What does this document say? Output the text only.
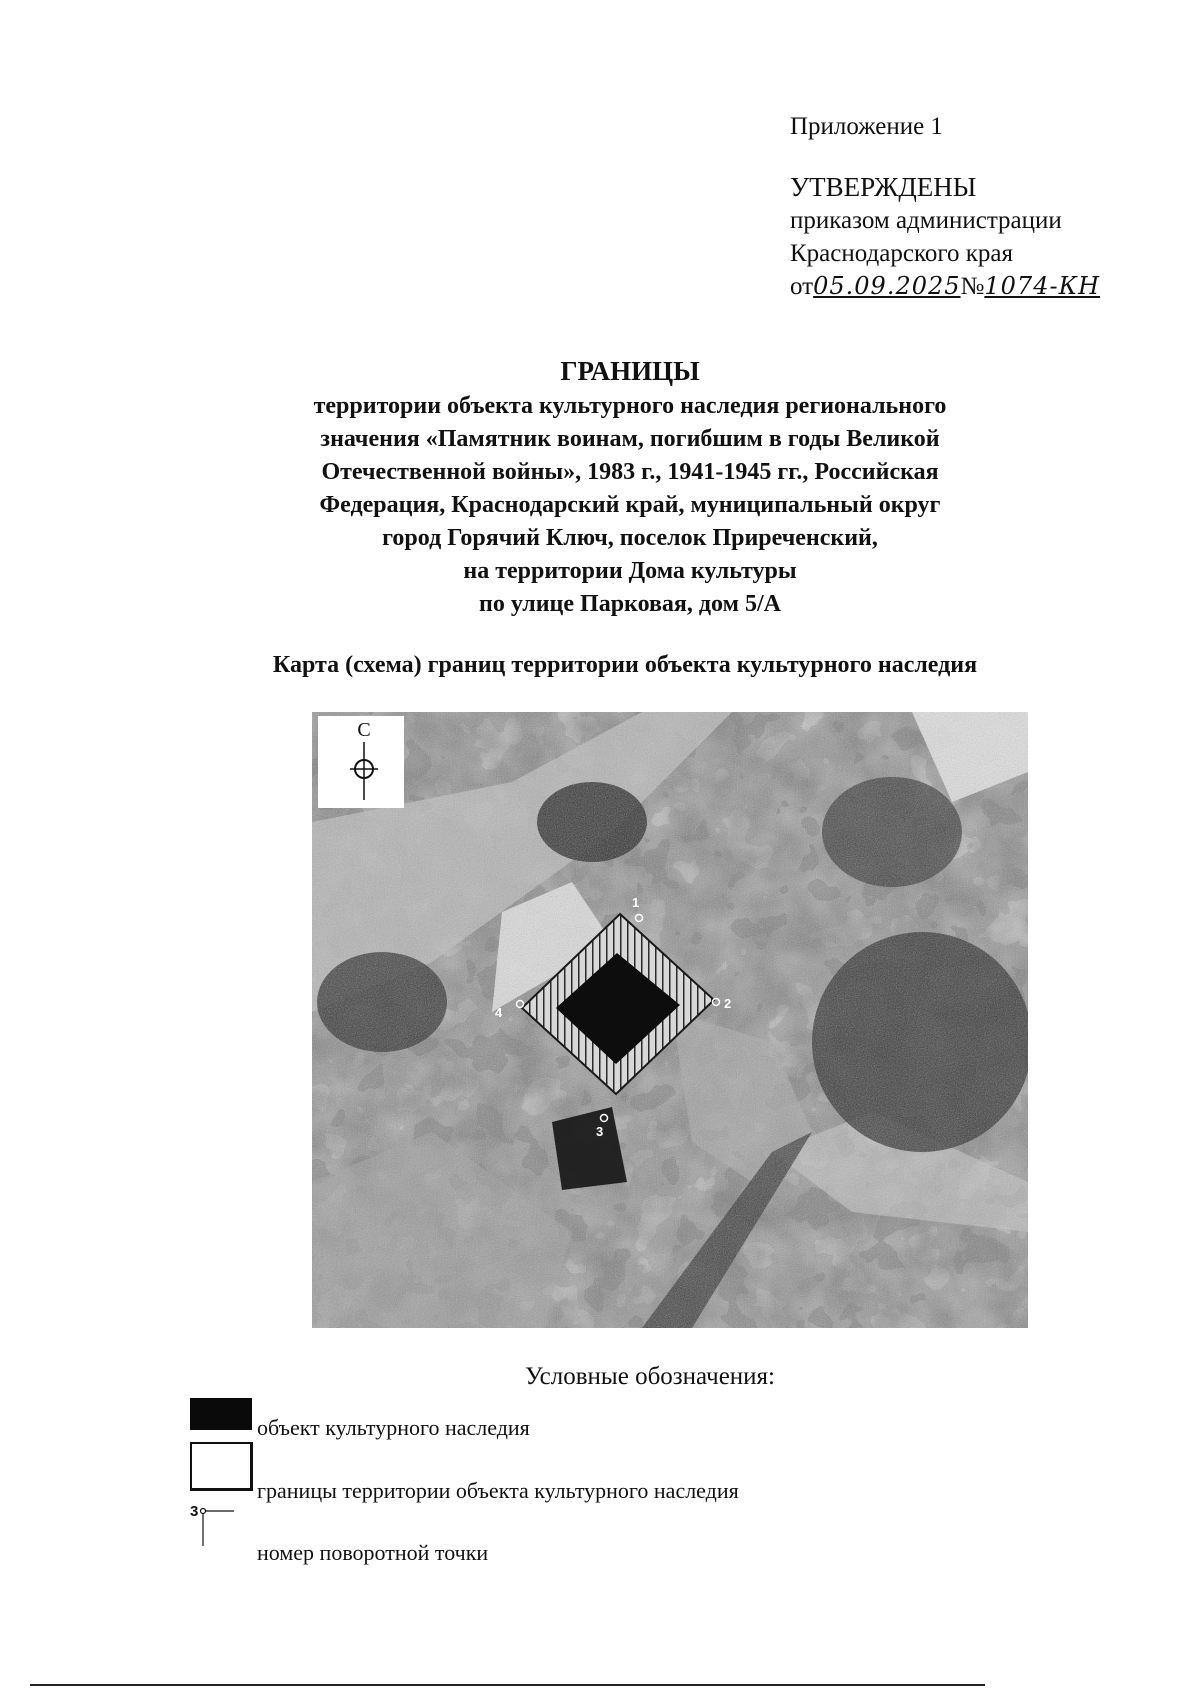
Приложение 1
УТВЕРЖДЕНЫ
приказом администрации
Краснодарского края
от05.09.2025№1074-КН
ГРАНИЦЫ
территории объекта культурного наследия регионального
значения «Памятник воинам, погибшим в годы Великой
Отечественной войны», 1983 г., 1941-1945 гг., Российская
Федерация, Краснодарский край, муниципальный округ
город Горячий Ключ, поселок Приреченский,
на территории Дома культуры
по улице Парковая, дом 5/А
Карта (схема) границ территории объекта культурного наследия
1
2
3
4
С
Условные обозначения:
объект культурного наследия
границы территории объекта культурного наследия
3
номер поворотной точки
